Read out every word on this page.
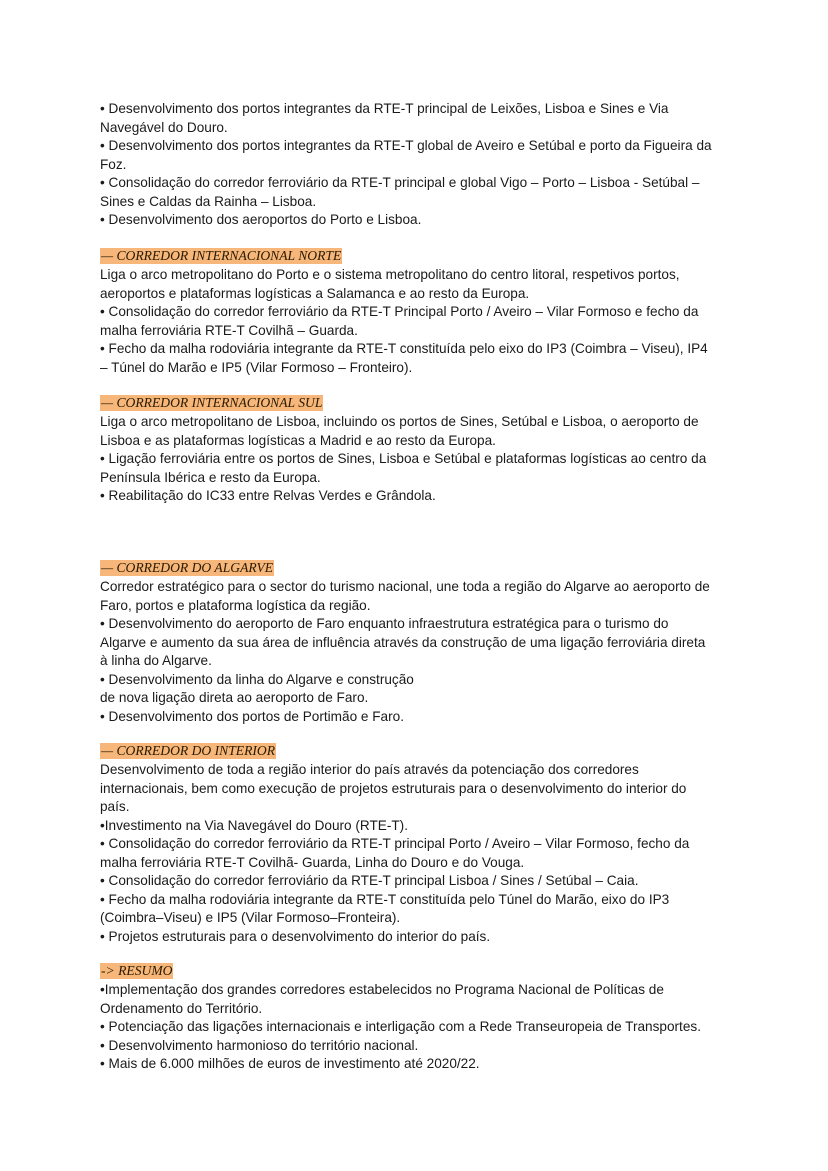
• Desenvolvimento dos portos integrantes da RTE-T principal de Leixões, Lisboa e Sines e Via

Navegável do Douro.

• Desenvolvimento dos portos integrantes da RTE-T global de Aveiro e Setúbal e porto da Figueira da

Foz.

• Consolidação do corredor ferroviário da RTE-T principal e global Vigo – Porto – Lisboa - Setúbal –

Sines e Caldas da Rainha – Lisboa.

• Desenvolvimento dos aeroportos do Porto e Lisboa.

— CORREDOR INTERNACIONAL NORTE

Liga o arco metropolitano do Porto e o sistema metropolitano do centro litoral, respetivos portos,

aeroportos e plataformas logísticas a Salamanca e ao resto da Europa.

• Consolidação do corredor ferroviário da RTE-T Principal Porto / Aveiro – Vilar Formoso e fecho da

malha ferroviária RTE-T Covilhã – Guarda.

• Fecho da malha rodoviária integrante da RTE-T constituída pelo eixo do IP3 (Coimbra – Viseu), IP4

– Túnel do Marão e IP5 (Vilar Formoso – Fronteiro).

— CORREDOR INTERNACIONAL SUL

Liga o arco metropolitano de Lisboa, incluindo os portos de Sines, Setúbal e Lisboa, o aeroporto de

Lisboa e as plataformas logísticas a Madrid e ao resto da Europa.

• Ligação ferroviária entre os portos de Sines, Lisboa e Setúbal e plataformas logísticas ao centro da

Península Ibérica e resto da Europa.

• Reabilitação do IC33 entre Relvas Verdes e Grândola.

— CORREDOR DO ALGARVE

Corredor estratégico para o sector do turismo nacional, une toda a região do Algarve ao aeroporto de

Faro, portos e plataforma logística da região.

• Desenvolvimento do aeroporto de Faro enquanto infraestrutura estratégica para o turismo do

Algarve e aumento da sua área de influência através da construção de uma ligação ferroviária direta

à linha do Algarve.

• Desenvolvimento da linha do Algarve e construção

de nova ligação direta ao aeroporto de Faro.

• Desenvolvimento dos portos de Portimão e Faro.

— CORREDOR DO INTERIOR

Desenvolvimento de toda a região interior do país através da potenciação dos corredores

internacionais, bem como execução de projetos estruturais para o desenvolvimento do interior do

país.

•Investimento na Via Navegável do Douro (RTE-T).

• Consolidação do corredor ferroviário da RTE-T principal Porto / Aveiro – Vilar Formoso, fecho da

malha ferroviária RTE-T Covilhã- Guarda, Linha do Douro e do Vouga.

• Consolidação do corredor ferroviário da RTE-T principal Lisboa / Sines / Setúbal – Caia.

• Fecho da malha rodoviária integrante da RTE-T constituída pelo Túnel do Marão, eixo do IP3

(Coimbra–Viseu) e IP5 (Vilar Formoso–Fronteira).

• Projetos estruturais para o desenvolvimento do interior do país.

-> RESUMO

•Implementação dos grandes corredores estabelecidos no Programa Nacional de Políticas de

Ordenamento do Território.

• Potenciação das ligações internacionais e interligação com a Rede Transeuropeia de Transportes.

• Desenvolvimento harmonioso do território nacional.

• Mais de 6.000 milhões de euros de investimento até 2020/22.
